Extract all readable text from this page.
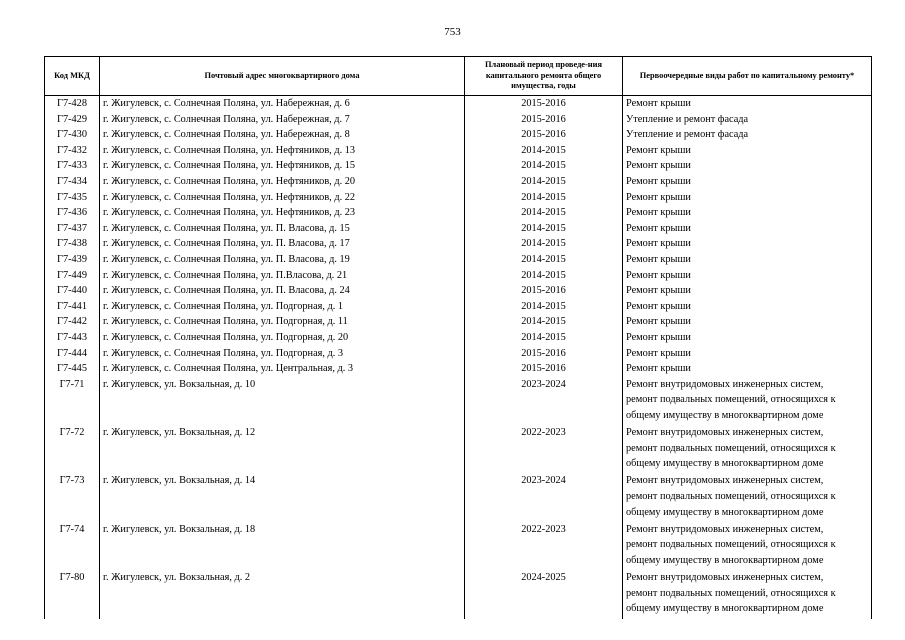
753
Код МКД	Почтовый адрес многоквартирного дома	Плановый период проведе-ния капитального ремонта общего имущества, годы	Первоочередные виды работ по капитальному ремонту*
Г7-428	г. Жигулевск, с. Солнечная Поляна, ул. Набережная, д. 6	2015-2016	Ремонт крыши

Г7-429	г. Жигулевск, с. Солнечная Поляна, ул. Набережная, д. 7	2015-2016	Утепление и ремонт фасада

Г7-430	г. Жигулевск, с. Солнечная Поляна, ул. Набережная, д. 8	2015-2016	Утепление и ремонт фасада

Г7-432	г. Жигулевск, с. Солнечная Поляна, ул. Нефтяников, д. 13	2014-2015	Ремонт крыши

Г7-433	г. Жигулевск, с. Солнечная Поляна, ул. Нефтяников, д. 15	2014-2015	Ремонт крыши

Г7-434	г. Жигулевск, с. Солнечная Поляна, ул. Нефтяников, д. 20	2014-2015	Ремонт крыши

Г7-435	г. Жигулевск, с. Солнечная Поляна, ул. Нефтяников, д. 22	2014-2015	Ремонт крыши

Г7-436	г. Жигулевск, с. Солнечная Поляна, ул. Нефтяников, д. 23	2014-2015	Ремонт крыши

Г7-437	г. Жигулевск, с. Солнечная Поляна, ул. П. Власова, д. 15	2014-2015	Ремонт крыши

Г7-438	г. Жигулевск, с. Солнечная Поляна, ул. П. Власова, д. 17	2014-2015	Ремонт крыши

Г7-439	г. Жигулевск, с. Солнечная Поляна, ул. П. Власова, д. 19	2014-2015	Ремонт крыши

Г7-449	г. Жигулевск, с. Солнечная Поляна, ул. П.Власова, д. 21	2014-2015	Ремонт крыши

Г7-440	г. Жигулевск, с. Солнечная Поляна, ул. П. Власова, д. 24	2015-2016	Ремонт крыши

Г7-441	г. Жигулевск, с. Солнечная Поляна, ул. Подгорная, д. 1	2014-2015	Ремонт крыши

Г7-442	г. Жигулевск, с. Солнечная Поляна, ул. Подгорная, д. 11	2014-2015	Ремонт крыши

Г7-443	г. Жигулевск, с. Солнечная Поляна, ул. Подгорная, д. 20	2014-2015	Ремонт крыши

Г7-444	г. Жигулевск, с. Солнечная Поляна, ул. Подгорная, д. 3	2015-2016	Ремонт крыши

Г7-445	г. Жигулевск, с. Солнечная Поляна, ул. Центральная, д. 3	2015-2016	Ремонт крыши

Г7-71	г. Жигулевск, ул. Вокзальная, д. 10	2023-2024	Ремонт внутридомовых инженерных систем,
ремонт подвальных помещений, относящихся к
общему имуществу в многоквартирном доме

Г7-72	г. Жигулевск, ул. Вокзальная, д. 12	2022-2023	Ремонт внутридомовых инженерных систем,
ремонт подвальных помещений, относящихся к
общему имуществу в многоквартирном доме

Г7-73	г. Жигулевск, ул. Вокзальная, д. 14	2023-2024	Ремонт внутридомовых инженерных систем,
ремонт подвальных помещений, относящихся к
общему имуществу в многоквартирном доме

Г7-74	г. Жигулевск, ул. Вокзальная, д. 18	2022-2023	Ремонт внутридомовых инженерных систем,
ремонт подвальных помещений, относящихся к
общему имуществу в многоквартирном доме

Г7-80	г. Жигулевск, ул. Вокзальная, д. 2	2024-2025	Ремонт внутридомовых инженерных систем,
ремонт подвальных помещений, относящихся к
общему имуществу в многоквартирном доме
